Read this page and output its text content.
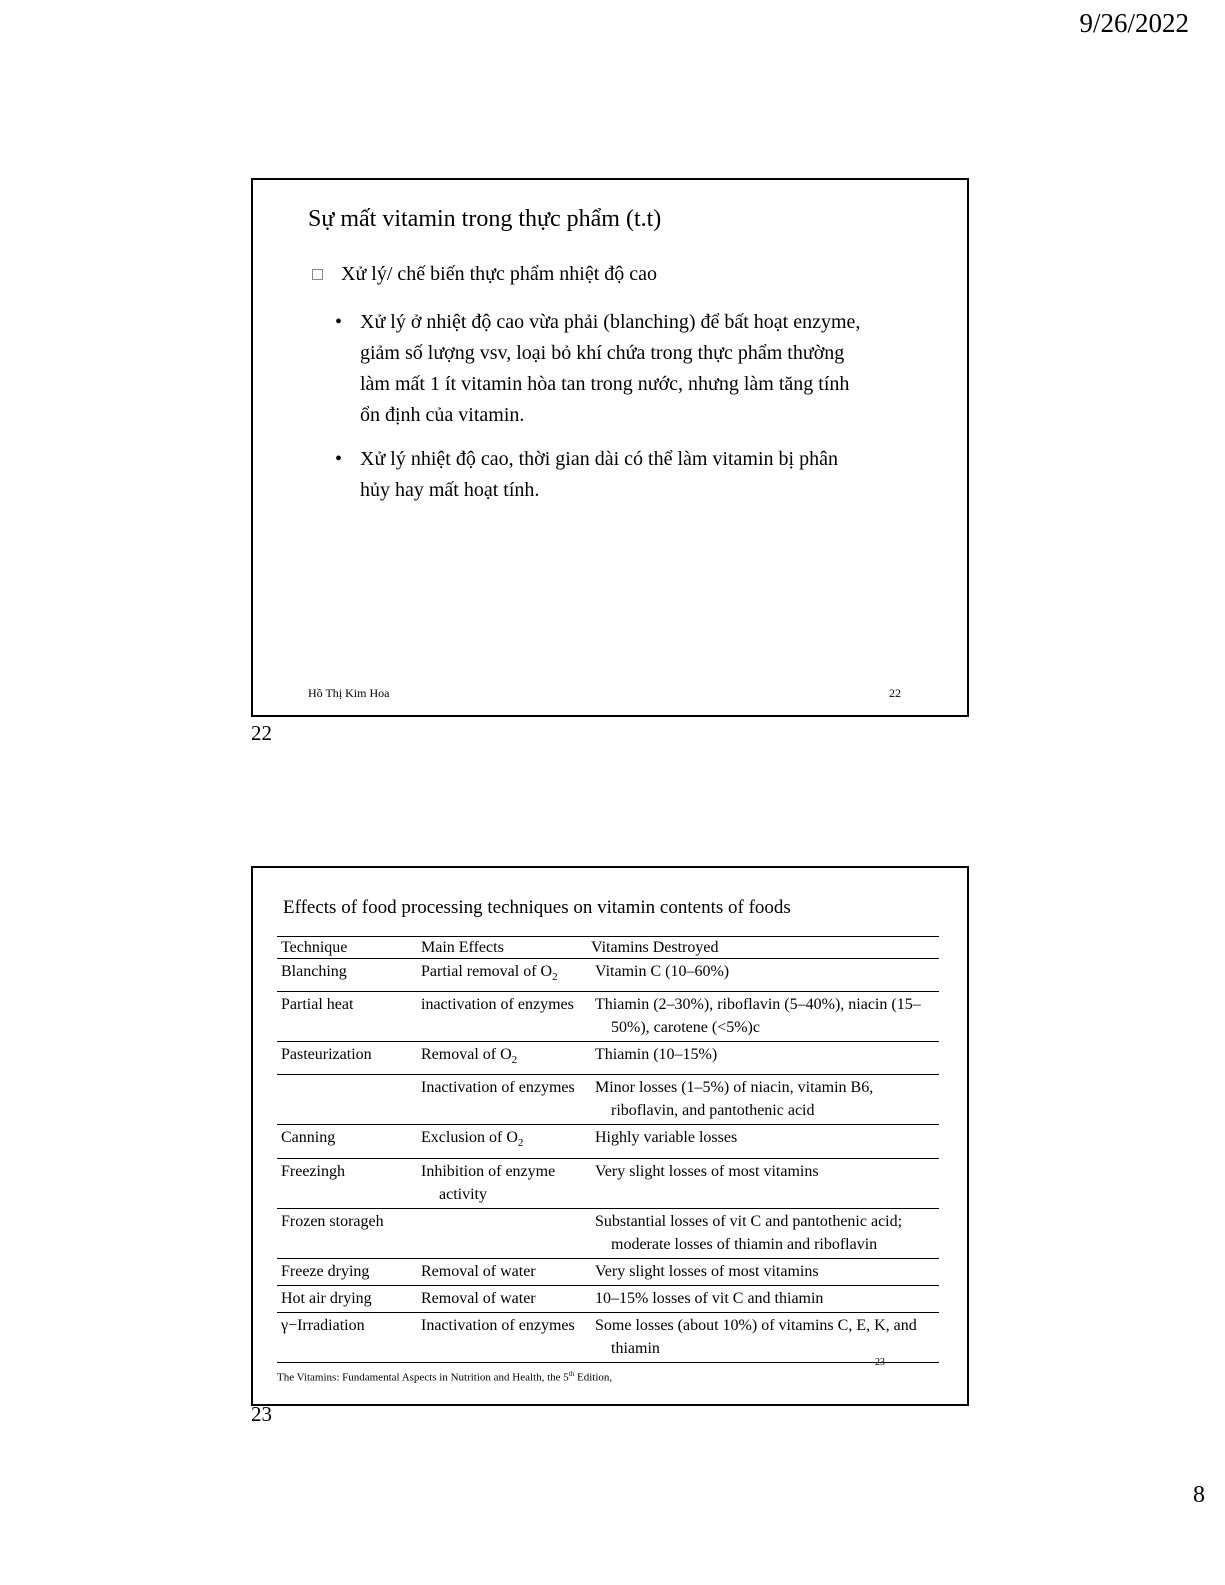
9/26/2022
Sự mất vitamin trong thực phẩm (t.t)
Xử lý/ chế biến thực phẩm nhiệt độ cao
• Xử lý ở nhiệt độ cao vừa phải (blanching) để bất hoạt enzyme, giảm số lượng vsv, loại bỏ khí chứa trong thực phẩm thường làm mất 1 ít vitamin hòa tan trong nước, nhưng làm tăng tính ổn định của vitamin.
• Xử lý nhiệt độ cao, thời gian dài có thể làm vitamin bị phân hủy hay mất hoạt tính.
Hồ Thị Kim Hoa	22
22
Effects of food processing techniques on vitamin contents of foods
Technique	Main Effects	Vitamins Destroyed
Blanching	Partial removal of $O_2$	Vitamin C (10–60%)
Partial heat	inactivation of enzymes	Thiamin (2–30%), riboflavin (5–40%), niacin (15–50%), carotene (<5%)c
Pasteurization	Removal of $O_2$	Thiamin (10–15%)
	Inactivation of enzymes	Minor losses (1–5%) of niacin, vitamin B6, riboflavin, and pantothenic acid
Canning	Exclusion of $O_2$	Highly variable losses
Freezingh	Inhibition of enzyme activity	Very slight losses of most vitamins
Frozen storageh		Substantial losses of vit C and pantothenic acid; moderate losses of thiamin and riboflavin
Freeze drying	Removal of water	Very slight losses of most vitamins
Hot air drying	Removal of water	10–15% losses of vit C and thiamin
γ−Irradiation	Inactivation of enzymes	Some losses (about 10%) of vitamins C, E, K, and thiamin
The Vitamins: Fundamental Aspects in Nutrition and Health, the 5th Edition,
23
23
8
